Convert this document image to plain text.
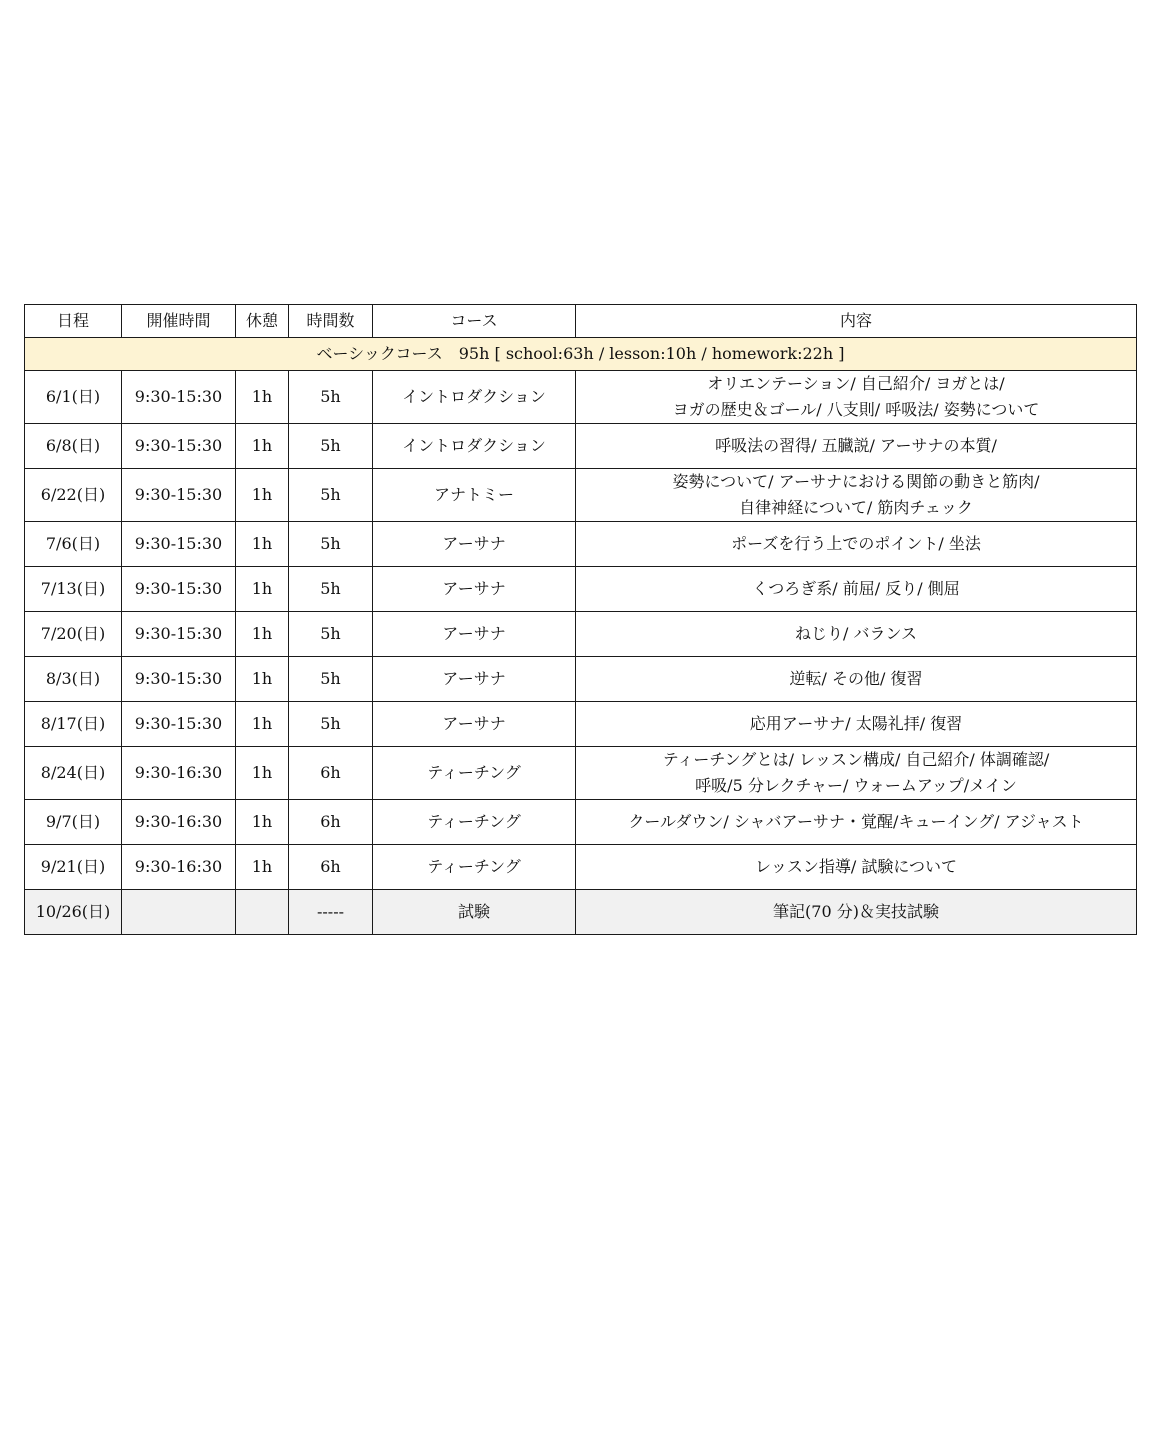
日程	開催時間	休憩	時間数	コース	内容
ベーシックコース　95h [ school:63h / lesson:10h / homework:22h ]					
6/1(日)	9:30-15:30	1h	5h	イントロダクション	オリエンテーション/ 自己紹介/ ヨガとは/
ヨガの歴史＆ゴール/ 八支則/ 呼吸法/ 姿勢について

6/8(日)	9:30-15:30	1h	5h	イントロダクション	呼吸法の習得/ 五臓説/ アーサナの本質/

6/22(日)	9:30-15:30	1h	5h	アナトミー	姿勢について/ アーサナにおける関節の動きと筋肉/
自律神経について/ 筋肉チェック

7/6(日)	9:30-15:30	1h	5h	アーサナ	ポーズを行う上でのポイント/ 坐法

7/13(日)	9:30-15:30	1h	5h	アーサナ	くつろぎ系/ 前屈/ 反り/ 側屈

7/20(日)	9:30-15:30	1h	5h	アーサナ	ねじり/ バランス

8/3(日)	9:30-15:30	1h	5h	アーサナ	逆転/ その他/ 復習

8/17(日)	9:30-15:30	1h	5h	アーサナ	応用アーサナ/ 太陽礼拝/ 復習

8/24(日)	9:30-16:30	1h	6h	ティーチング	ティーチングとは/ レッスン構成/ 自己紹介/ 体調確認/
呼吸/5 分レクチャー/ ウォームアップ/メイン

9/7(日)	9:30-16:30	1h	6h	ティーチング	クールダウン/ シャバアーサナ・覚醒/キューイング/ アジャスト

9/21(日)	9:30-16:30	1h	6h	ティーチング	レッスン指導/ 試験について

10/26(日)			-----	試験	筆記(70 分)＆実技試験
